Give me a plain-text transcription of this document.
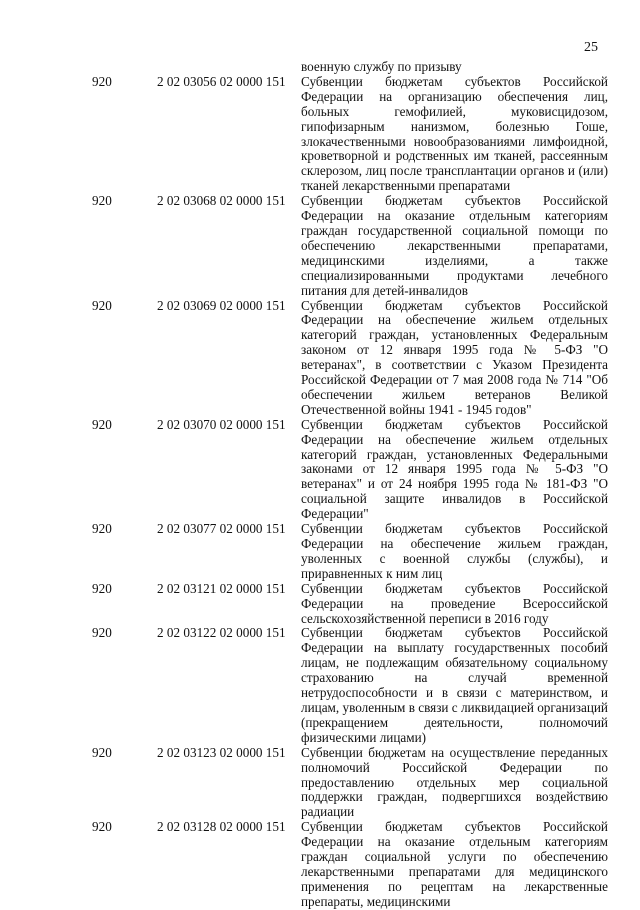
25
военную службу по призыву
920	2 02 03056 02 0000 151 Субвенции бюджетам субъектов Российской Федерации на организацию обеспечения лиц, больных гемофилией, муковисцидозом, гипофизарным нанизмом, болезнью Гоше, злокачественными новообразованиями лимфоидной, кроветворной и родственных им тканей, рассеянным склерозом, лиц после трансплантации органов и (или) тканей лекарственными препаратами
920	2 02 03068 02 0000 151 Субвенции бюджетам субъектов Российской Федерации на оказание отдельным категориям граждан государственной социальной помощи по обеспечению лекарственными препаратами, медицинскими изделиями, а также специализированными продуктами лечебного питания для детей-инвалидов
920	2 02 03069 02 0000 151 Субвенции бюджетам субъектов Российской Федерации на обеспечение жильем отдельных категорий граждан, установленных Федеральным законом от 12 января 1995 года № 5-ФЗ "О ветеранах", в соответствии с Указом Президента Российской Федерации от 7 мая 2008 года № 714 "Об обеспечении жильем ветеранов Великой Отечественной войны 1941 - 1945 годов"
920	2 02 03070 02 0000 151 Субвенции бюджетам субъектов Российской Федерации на обеспечение жильем отдельных категорий граждан, установленных Федеральными законами от 12 января 1995 года № 5-ФЗ "О ветеранах" и от 24 ноября 1995 года № 181-ФЗ "О социальной защите инвалидов в Российской Федерации"
920	2 02 03077 02 0000 151 Субвенции бюджетам субъектов Российской Федерации на обеспечение жильем граждан, уволенных с военной службы (службы), и приравненных к ним лиц
920	2 02 03121 02 0000 151 Субвенции бюджетам субъектов Российской Федерации на проведение Всероссийской сельскохозяйственной переписи в 2016 году
920	2 02 03122 02 0000 151 Субвенции бюджетам субъектов Российской Федерации на выплату государственных пособий лицам, не подлежащим обязательному социальному страхованию на случай временной нетрудоспособности и в связи с материнством, и лицам, уволенным в связи с ликвидацией организаций (прекращением деятельности, полномочий физическими лицами)
920	2 02 03123 02 0000 151 Субвенции бюджетам на осуществление переданных полномочий Российской Федерации по предоставлению отдельных мер социальной поддержки граждан, подвергшихся воздействию радиации
920	2 02 03128 02 0000 151 Субвенции бюджетам субъектов Российской Федерации на оказание отдельным категориям граждан социальной услуги по обеспечению лекарственными препаратами для медицинского применения по рецептам на лекарственные препараты, медицинскими
